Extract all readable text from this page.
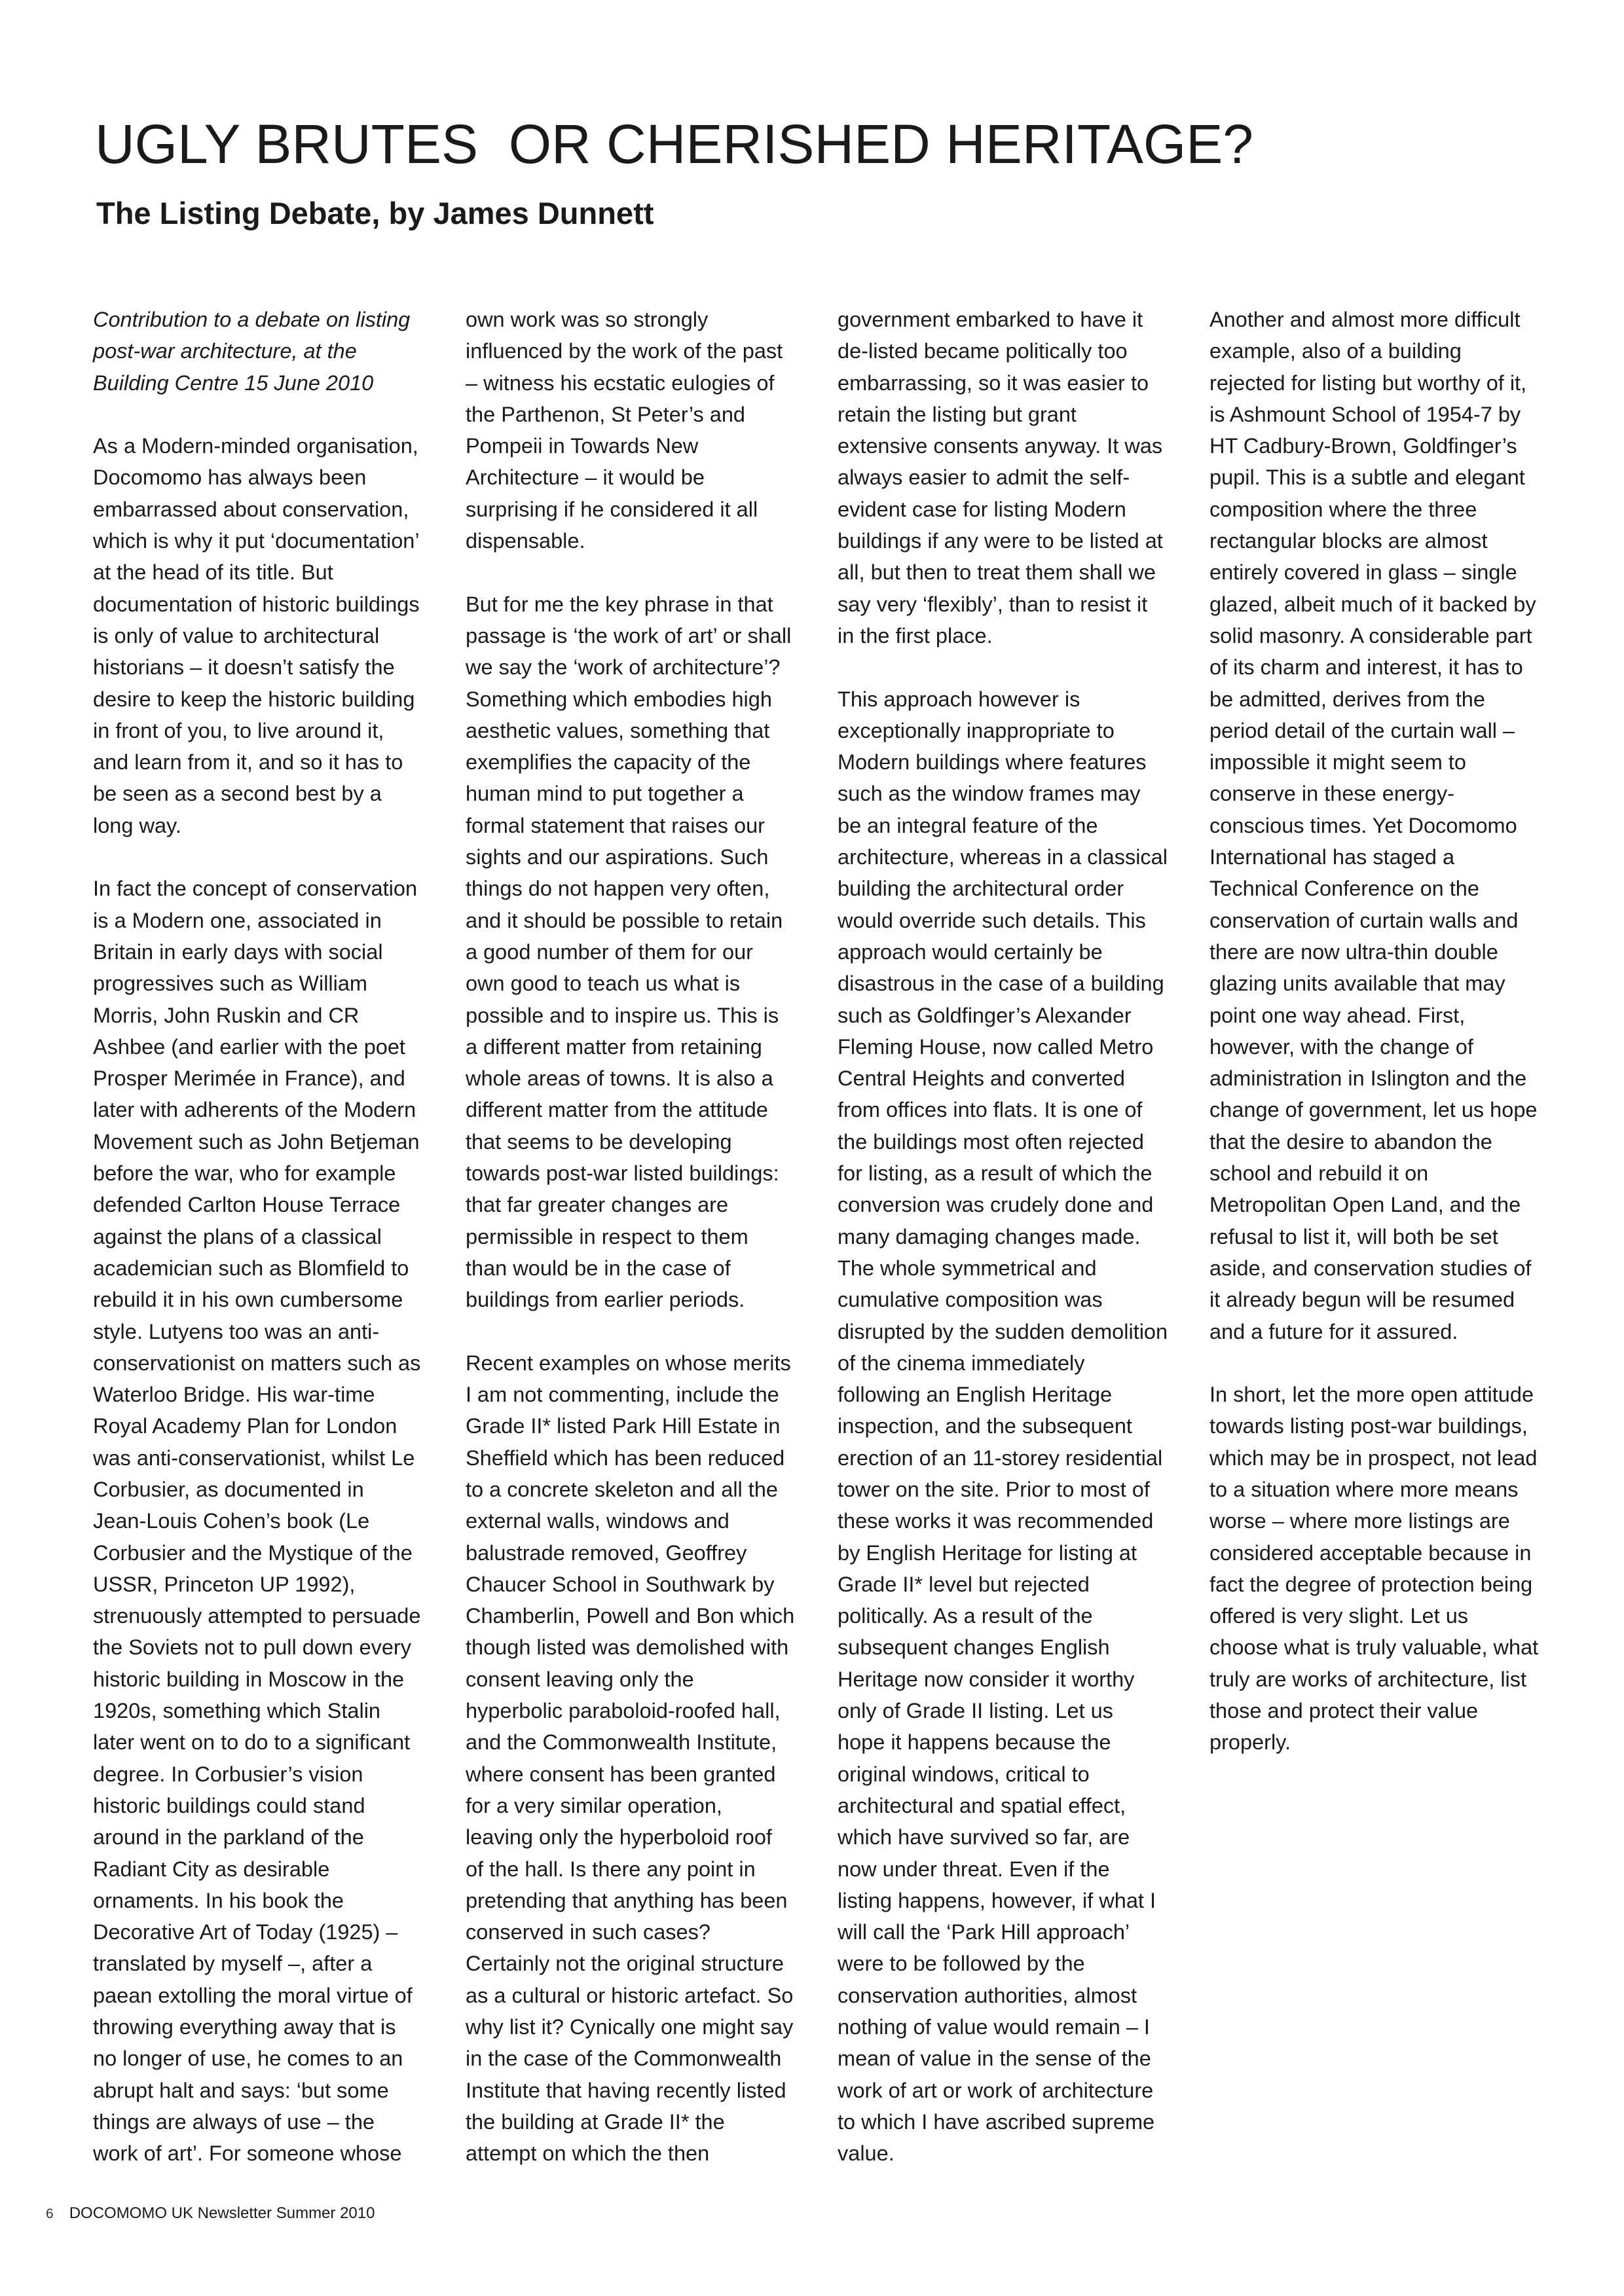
UGLY BRUTES  OR CHERISHED HERITAGE?
The Listing Debate, by James Dunnett

Contribution to a debate on listing
post-war architecture, at the
Building Centre 15 June 2010

As a Modern-minded organisation,
Docomomo has always been
embarrassed about conservation,
which is why it put ‘documentation’
at the head of its title. But
documentation of historic buildings
is only of value to architectural
historians – it doesn’t satisfy the
desire to keep the historic building
in front of you, to live around it,
and learn from it, and so it has to
be seen as a second best by a
long way.

In fact the concept of conservation
is a Modern one, associated in
Britain in early days with social
progressives such as William
Morris, John Ruskin and CR
Ashbee (and earlier with the poet
Prosper Merimée in France), and
later with adherents of the Modern
Movement such as John Betjeman
before the war, who for example
defended Carlton House Terrace
against the plans of a classical
academician such as Blomfield to
rebuild it in his own cumbersome
style. Lutyens too was an anti-
conservationist on matters such as
Waterloo Bridge. His war-time
Royal Academy Plan for London
was anti-conservationist, whilst Le
Corbusier, as documented in
Jean-Louis Cohen’s book (Le
Corbusier and the Mystique of the
USSR, Princeton UP 1992),
strenuously attempted to persuade
the Soviets not to pull down every
historic building in Moscow in the
1920s, something which Stalin
later went on to do to a significant
degree. In Corbusier’s vision
historic buildings could stand
around in the parkland of the
Radiant City as desirable
ornaments. In his book the
Decorative Art of Today (1925) –
translated by myself –, after a
paean extolling the moral virtue of
throwing everything away that is
no longer of use, he comes to an
abrupt halt and says: ‘but some
things are always of use – the
work of art’. For someone whose

own work was so strongly
influenced by the work of the past
– witness his ecstatic eulogies of
the Parthenon, St Peter’s and
Pompeii in Towards New
Architecture – it would be
surprising if he considered it all
dispensable.

But for me the key phrase in that
passage is ‘the work of art’ or shall
we say the ‘work of architecture’?
Something which embodies high
aesthetic values, something that
exemplifies the capacity of the
human mind to put together a
formal statement that raises our
sights and our aspirations. Such
things do not happen very often,
and it should be possible to retain
a good number of them for our
own good to teach us what is
possible and to inspire us. This is
a different matter from retaining
whole areas of towns. It is also a
different matter from the attitude
that seems to be developing
towards post-war listed buildings:
that far greater changes are
permissible in respect to them
than would be in the case of
buildings from earlier periods.

Recent examples on whose merits
I am not commenting, include the
Grade II* listed Park Hill Estate in
Sheffield which has been reduced
to a concrete skeleton and all the
external walls, windows and
balustrade removed, Geoffrey
Chaucer School in Southwark by
Chamberlin, Powell and Bon which
though listed was demolished with
consent leaving only the
hyperbolic paraboloid-roofed hall,
and the Commonwealth Institute,
where consent has been granted
for a very similar operation,
leaving only the hyperboloid roof
of the hall. Is there any point in
pretending that anything has been
conserved in such cases?
Certainly not the original structure
as a cultural or historic artefact. So
why list it? Cynically one might say
in the case of the Commonwealth
Institute that having recently listed
the building at Grade II* the
attempt on which the then

government embarked to have it
de-listed became politically too
embarrassing, so it was easier to
retain the listing but grant
extensive consents anyway. It was
always easier to admit the self-
evident case for listing Modern
buildings if any were to be listed at
all, but then to treat them shall we
say very ‘flexibly’, than to resist it
in the first place.

This approach however is
exceptionally inappropriate to
Modern buildings where features
such as the window frames may
be an integral feature of the
architecture, whereas in a classical
building the architectural order
would override such details. This
approach would certainly be
disastrous in the case of a building
such as Goldfinger’s Alexander
Fleming House, now called Metro
Central Heights and converted
from offices into flats. It is one of
the buildings most often rejected
for listing, as a result of which the
conversion was crudely done and
many damaging changes made.
The whole symmetrical and
cumulative composition was
disrupted by the sudden demolition
of the cinema immediately
following an English Heritage
inspection, and the subsequent
erection of an 11-storey residential
tower on the site. Prior to most of
these works it was recommended
by English Heritage for listing at
Grade II* level but rejected
politically. As a result of the
subsequent changes English
Heritage now consider it worthy
only of Grade II listing. Let us
hope it happens because the
original windows, critical to
architectural and spatial effect,
which have survived so far, are
now under threat. Even if the
listing happens, however, if what I
will call the ‘Park Hill approach’
were to be followed by the
conservation authorities, almost
nothing of value would remain – I
mean of value in the sense of the
work of art or work of architecture
to which I have ascribed supreme
value.

Another and almost more difficult
example, also of a building
rejected for listing but worthy of it,
is Ashmount School of 1954-7 by
HT Cadbury-Brown, Goldfinger’s
pupil. This is a subtle and elegant
composition where the three
rectangular blocks are almost
entirely covered in glass – single
glazed, albeit much of it backed by
solid masonry. A considerable part
of its charm and interest, it has to
be admitted, derives from the
period detail of the curtain wall –
impossible it might seem to
conserve in these energy-
conscious times. Yet Docomomo
International has staged a
Technical Conference on the
conservation of curtain walls and
there are now ultra-thin double
glazing units available that may
point one way ahead. First,
however, with the change of
administration in Islington and the
change of government, let us hope
that the desire to abandon the
school and rebuild it on
Metropolitan Open Land, and the
refusal to list it, will both be set
aside, and conservation studies of
it already begun will be resumed
and a future for it assured.

In short, let the more open attitude
towards listing post-war buildings,
which may be in prospect, not lead
to a situation where more means
worse – where more listings are
considered acceptable because in
fact the degree of protection being
offered is very slight. Let us
choose what is truly valuable, what
truly are works of architecture, list
those and protect their value
properly.

6 DOCOMOMO UK Newsletter Summer 2010
